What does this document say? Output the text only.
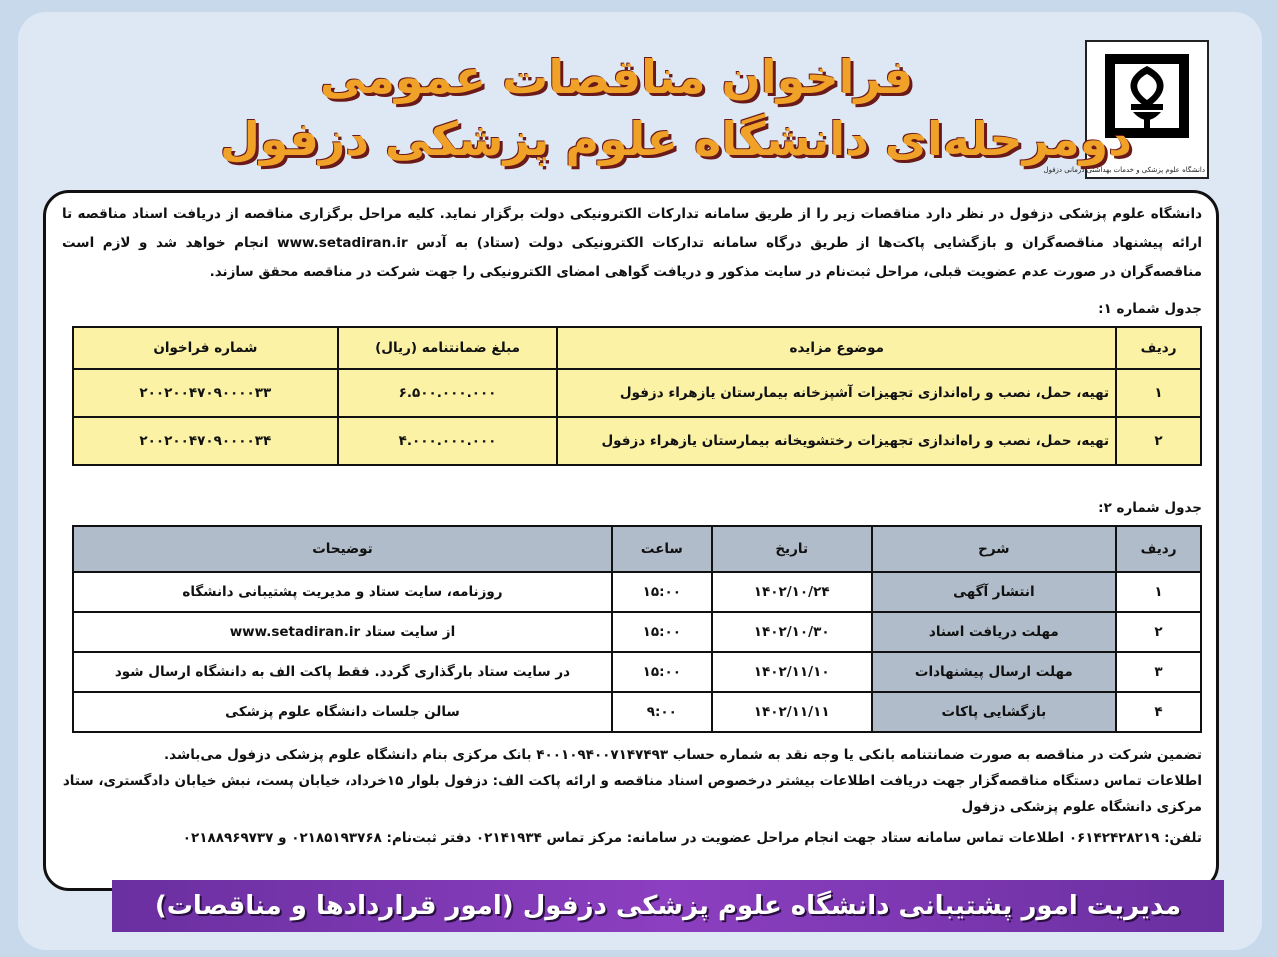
دانشگاه علوم پزشکی و خدمات بهداشتی درمانی دزفول
فراخوان مناقصات عمومی
دومرحله‌ای دانشگاه علوم پزشکی دزفول
دانشگاه علوم پزشکی دزفول در نظر دارد مناقصات زیر را از طریق سامانه تدارکات الکترونیکی دولت برگزار نماید. کلیه مراحل برگزاری مناقصه از دریافت اسناد مناقصه تا ارائه پیشنهاد مناقصه‌گران و بازگشایی پاکت‌ها از طریق درگاه سامانه تدارکات الکترونیکی دولت (ستاد) به آدس www.setadiran.ir انجام خواهد شد و لازم است مناقصه‌گران در صورت عدم عضویت قبلی، مراحل ثبت‌نام در سایت مذکور و دریافت گواهی امضای الکترونیکی را جهت شرکت در مناقصه محقق سازند.
جدول شماره ۱:
ردیف	موضوع مزایده	مبلغ ضمانتنامه (ریال)	شماره فراخوان
۱	تهیه، حمل، نصب و راه‌اندازی تجهیزات آشپزخانه بیمارستان یازهراء دزفول	۶.۵۰۰.۰۰۰.۰۰۰	۲۰۰۲۰۰۴۷۰۹۰۰۰۰۳۳
۲	تهیه، حمل، نصب و راه‌اندازی تجهیزات رختشویخانه بیمارستان یازهراء دزفول	۴.۰۰۰.۰۰۰.۰۰۰	۲۰۰۲۰۰۴۷۰۹۰۰۰۰۳۴
جدول شماره ۲:
ردیف	شرح	تاریخ	ساعت	توضیحات
۱	انتشار آگهی	۱۴۰۲/۱۰/۲۴	۱۵:۰۰	روزنامه، سایت ستاد و مدیریت پشتیبانی دانشگاه
۲	مهلت دریافت اسناد	۱۴۰۲/۱۰/۳۰	۱۵:۰۰	از سایت ستاد www.setadiran.ir
۳	مهلت ارسال پیشنهادات	۱۴۰۲/۱۱/۱۰	۱۵:۰۰	در سایت ستاد بارگذاری گردد. فقط پاکت الف به دانشگاه ارسال شود
۴	بازگشایی پاکات	۱۴۰۲/۱۱/۱۱	۹:۰۰	سالن جلسات دانشگاه علوم پزشکی
تضمین شرکت در مناقصه به صورت ضمانتنامه بانکی یا وجه نقد به شماره حساب ۴۰۰۱۰۹۴۰۰۷۱۴۷۴۹۳ بانک مرکزی بنام دانشگاه علوم پزشکی دزفول می‌باشد.
اطلاعات تماس دستگاه مناقصه‌گزار جهت دریافت اطلاعات بیشتر درخصوص اسناد مناقصه و ارائه پاکت الف: دزفول بلوار ۱۵خرداد، خیابان پست، نبش خیابان دادگستری، ستاد مرکزی دانشگاه علوم پزشکی دزفول
تلفن: ۰۶۱۴۲۴۲۸۲۱۹ اطلاعات تماس سامانه ستاد جهت انجام مراحل عضویت در سامانه: مرکز تماس ۰۲۱۴۱۹۳۴ دفتر ثبت‌نام: ۰۲۱۸۵۱۹۳۷۶۸ و ۰۲۱۸۸۹۶۹۷۳۷
مدیریت امور پشتیبانی دانشگاه علوم پزشکی دزفول (امور قراردادها و مناقصات)
